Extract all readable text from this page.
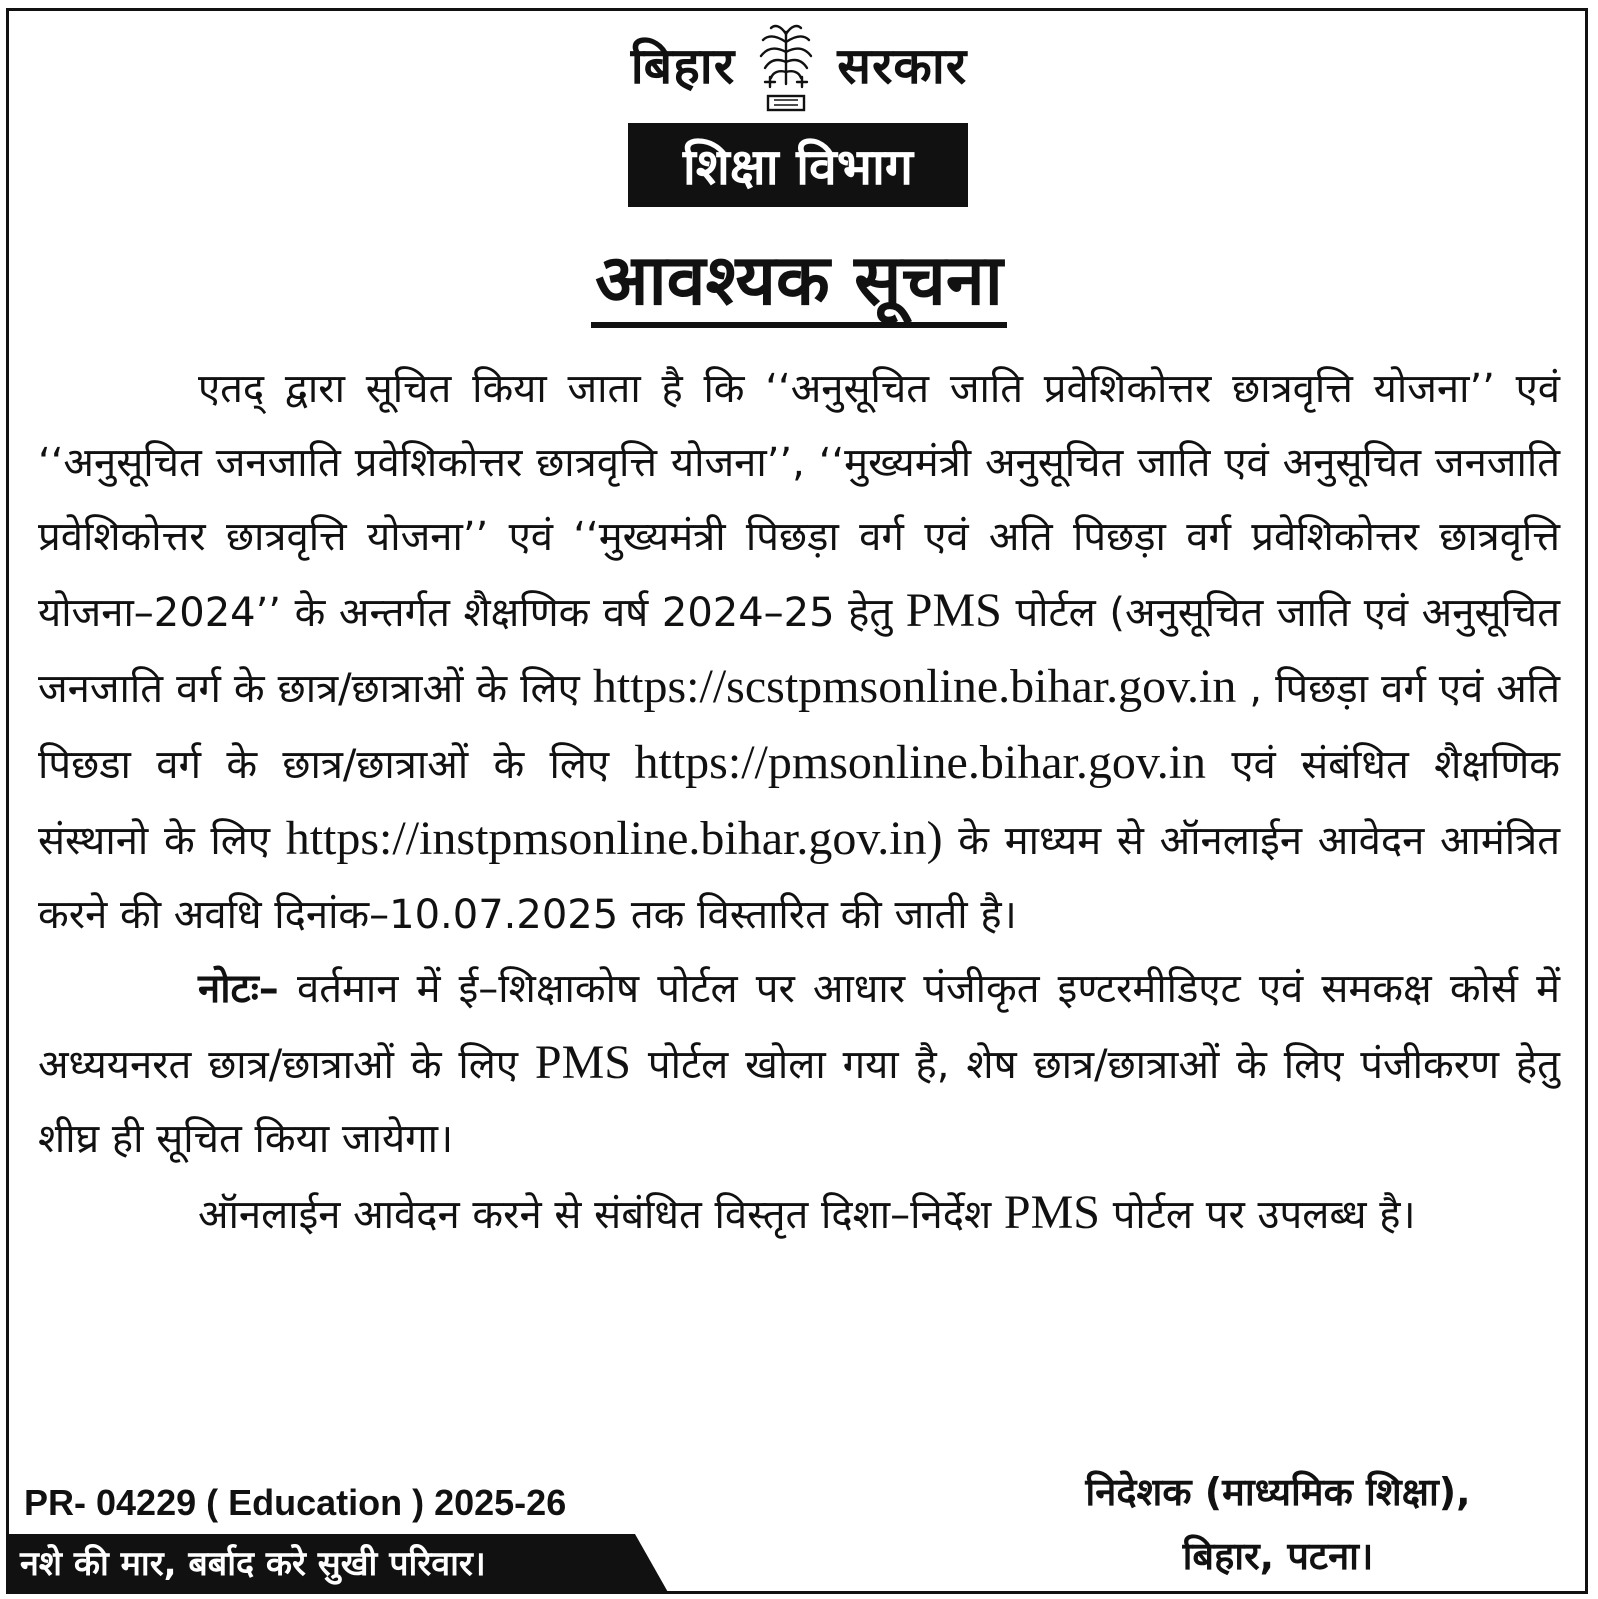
बिहार सरकार
शिक्षा विभाग
आवश्यक सूचना

एतद् द्वारा सूचित किया जाता है कि ‘‘अनुसूचित जाति प्रवेशिकोत्तर छात्रवृत्ति योजना’’ एवं ‘‘अनुसूचित जनजाति प्रवेशिकोत्तर छात्रवृत्ति योजना’’, ‘‘मुख्यमंत्री अनुसूचित जाति एवं अनुसूचित जनजाति प्रवेशिकोत्तर छात्रवृत्ति योजना’’ एवं ‘‘मुख्यमंत्री पिछड़ा वर्ग एवं अति पिछड़ा वर्ग प्रवेशिकोत्तर छात्रवृत्ति योजना–2024’’ के अन्तर्गत शैक्षणिक वर्ष 2024–25 हेतु PMS पोर्टल (अनुसूचित जाति एवं अनुसूचित जनजाति वर्ग के छात्र/छात्राओं के लिए https://scstpmsonline.bihar.gov.in , पिछड़ा वर्ग एवं अति पिछडा वर्ग के छात्र/छात्राओं के लिए https://pmsonline.bihar.gov.in एवं संबंधित शैक्षणिक संस्थानो के लिए https://instpmsonline.bihar.gov.in) के माध्यम से ऑनलाईन आवेदन आमंत्रित करने की अवधि दिनांक–10.07.2025 तक विस्तारित की जाती है।

नोटः– वर्तमान में ई–शिक्षाकोष पोर्टल पर आधार पंजीकृत इण्टरमीडिएट एवं समकक्ष कोर्स में अध्ययनरत छात्र/छात्राओं के लिए PMS पोर्टल खोला गया है, शेष छात्र/छात्राओं के लिए पंजीकरण हेतु शीघ्र ही सूचित किया जायेगा।

ऑनलाईन आवेदन करने से संबंधित विस्तृत दिशा–निर्देश PMS पोर्टल पर उपलब्ध है।

PR- 04229 ( Education ) 2025-26
नशे की मार, बर्बाद करे सुखी परिवार।
निदेशक (माध्यमिक शिक्षा),
बिहार, पटना।
